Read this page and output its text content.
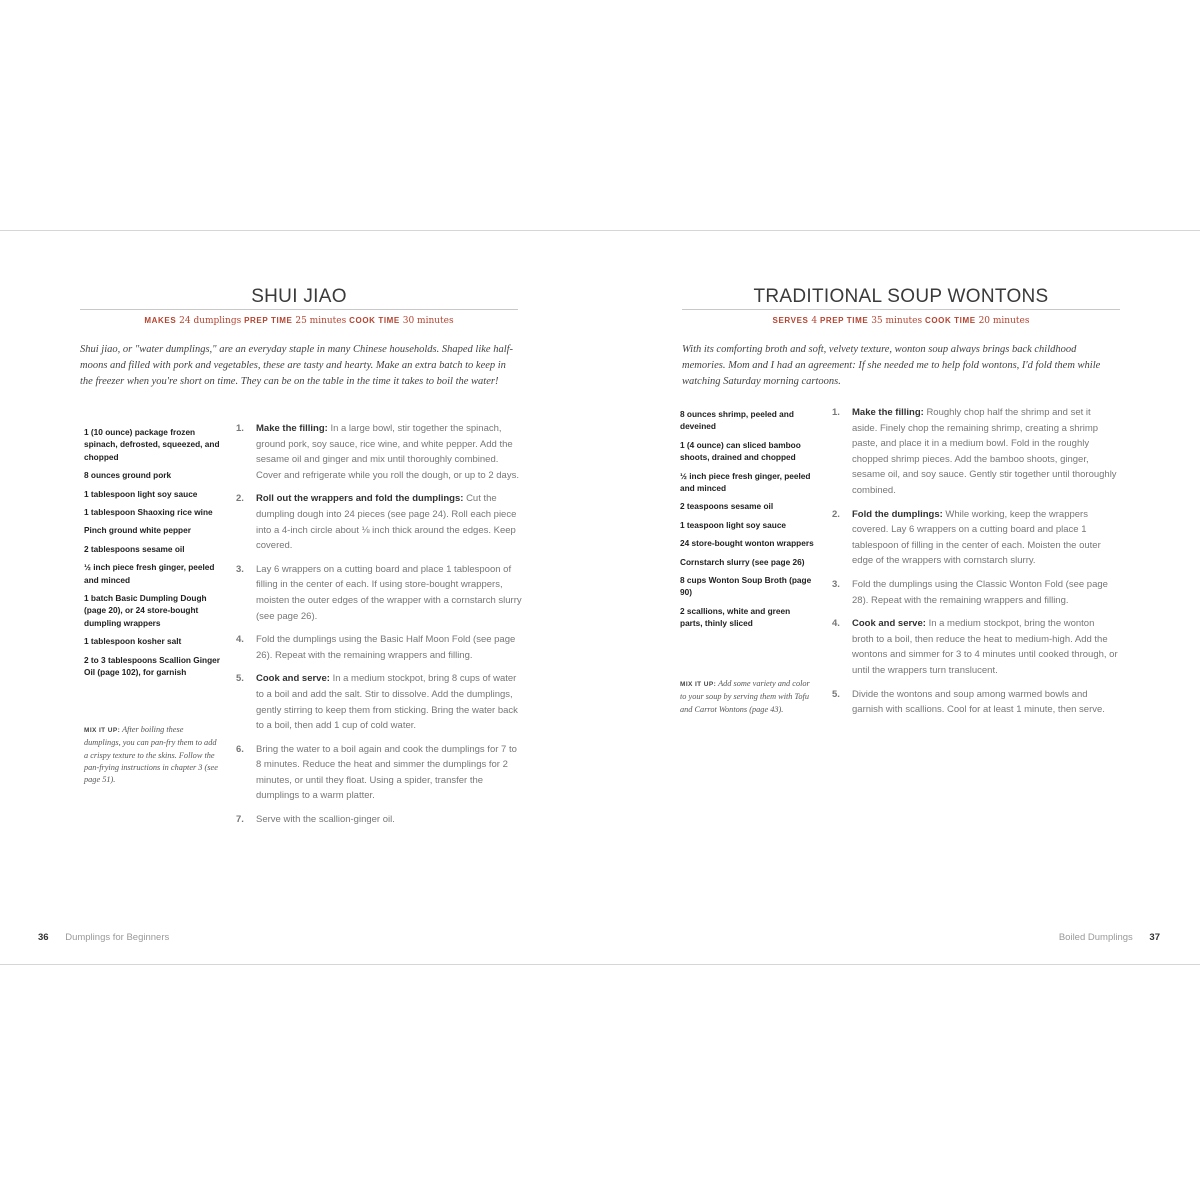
SHUI JIAO
MAKES 24 dumplings PREP TIME 25 minutes COOK TIME 30 minutes
Shui jiao, or "water dumplings," are an everyday staple in many Chinese households. Shaped like half-moons and filled with pork and vegetables, these are tasty and hearty. Make an extra batch to keep in the freezer when you're short on time. They can be on the table in the time it takes to boil the water!
1 (10 ounce) package frozen spinach, defrosted, squeezed, and chopped
8 ounces ground pork
1 tablespoon light soy sauce
1 tablespoon Shaoxing rice wine
Pinch ground white pepper
2 tablespoons sesame oil
½ inch piece fresh ginger, peeled and minced
1 batch Basic Dumpling Dough (page 20), or 24 store-bought dumpling wrappers
1 tablespoon kosher salt
2 to 3 tablespoons Scallion Ginger Oil (page 102), for garnish
MIX IT UP: After boiling these dumplings, you can pan-fry them to add a crispy texture to the skins. Follow the pan-frying instructions in chapter 3 (see page 51).
1. Make the filling: In a large bowl, stir together the spinach, ground pork, soy sauce, rice wine, and white pepper. Add the sesame oil and ginger and mix until thoroughly combined. Cover and refrigerate while you roll the dough, or up to 2 days.
2. Roll out the wrappers and fold the dumplings: Cut the dumpling dough into 24 pieces (see page 24). Roll each piece into a 4-inch circle about ⅛ inch thick around the edges. Keep covered.
3. Lay 6 wrappers on a cutting board and place 1 tablespoon of filling in the center of each. If using store-bought wrappers, moisten the outer edges of the wrapper with a cornstarch slurry (see page 26).
4. Fold the dumplings using the Basic Half Moon Fold (see page 26). Repeat with the remaining wrappers and filling.
5. Cook and serve: In a medium stockpot, bring 8 cups of water to a boil and add the salt. Stir to dissolve. Add the dumplings, gently stirring to keep them from sticking. Bring the water back to a boil, then add 1 cup of cold water.
6. Bring the water to a boil again and cook the dumplings for 7 to 8 minutes. Reduce the heat and simmer the dumplings for 2 minutes, or until they float. Using a spider, transfer the dumplings to a warm platter.
7. Serve with the scallion-ginger oil.
36 Dumplings for Beginners
TRADITIONAL SOUP WONTONS
SERVES 4 PREP TIME 35 minutes COOK TIME 20 minutes
With its comforting broth and soft, velvety texture, wonton soup always brings back childhood memories. Mom and I had an agreement: If she needed me to help fold wontons, I'd fold them while watching Saturday morning cartoons.
8 ounces shrimp, peeled and deveined
1 (4 ounce) can sliced bamboo shoots, drained and chopped
½ inch piece fresh ginger, peeled and minced
2 teaspoons sesame oil
1 teaspoon light soy sauce
24 store-bought wonton wrappers
Cornstarch slurry (see page 26)
8 cups Wonton Soup Broth (page 90)
2 scallions, white and green parts, thinly sliced
MIX IT UP: Add some variety and color to your soup by serving them with Tofu and Carrot Wontons (page 43).
1. Make the filling: Roughly chop half the shrimp and set it aside. Finely chop the remaining shrimp, creating a shrimp paste, and place it in a medium bowl. Fold in the roughly chopped shrimp pieces. Add the bamboo shoots, ginger, sesame oil, and soy sauce. Gently stir together until thoroughly combined.
2. Fold the dumplings: While working, keep the wrappers covered. Lay 6 wrappers on a cutting board and place 1 tablespoon of filling in the center of each. Moisten the outer edge of the wrappers with cornstarch slurry.
3. Fold the dumplings using the Classic Wonton Fold (see page 28). Repeat with the remaining wrappers and filling.
4. Cook and serve: In a medium stockpot, bring the wonton broth to a boil, then reduce the heat to medium-high. Add the wontons and simmer for 3 to 4 minutes until cooked through, or until the wrappers turn translucent.
5. Divide the wontons and soup among warmed bowls and garnish with scallions. Cool for at least 1 minute, then serve.
Boiled Dumplings 37
